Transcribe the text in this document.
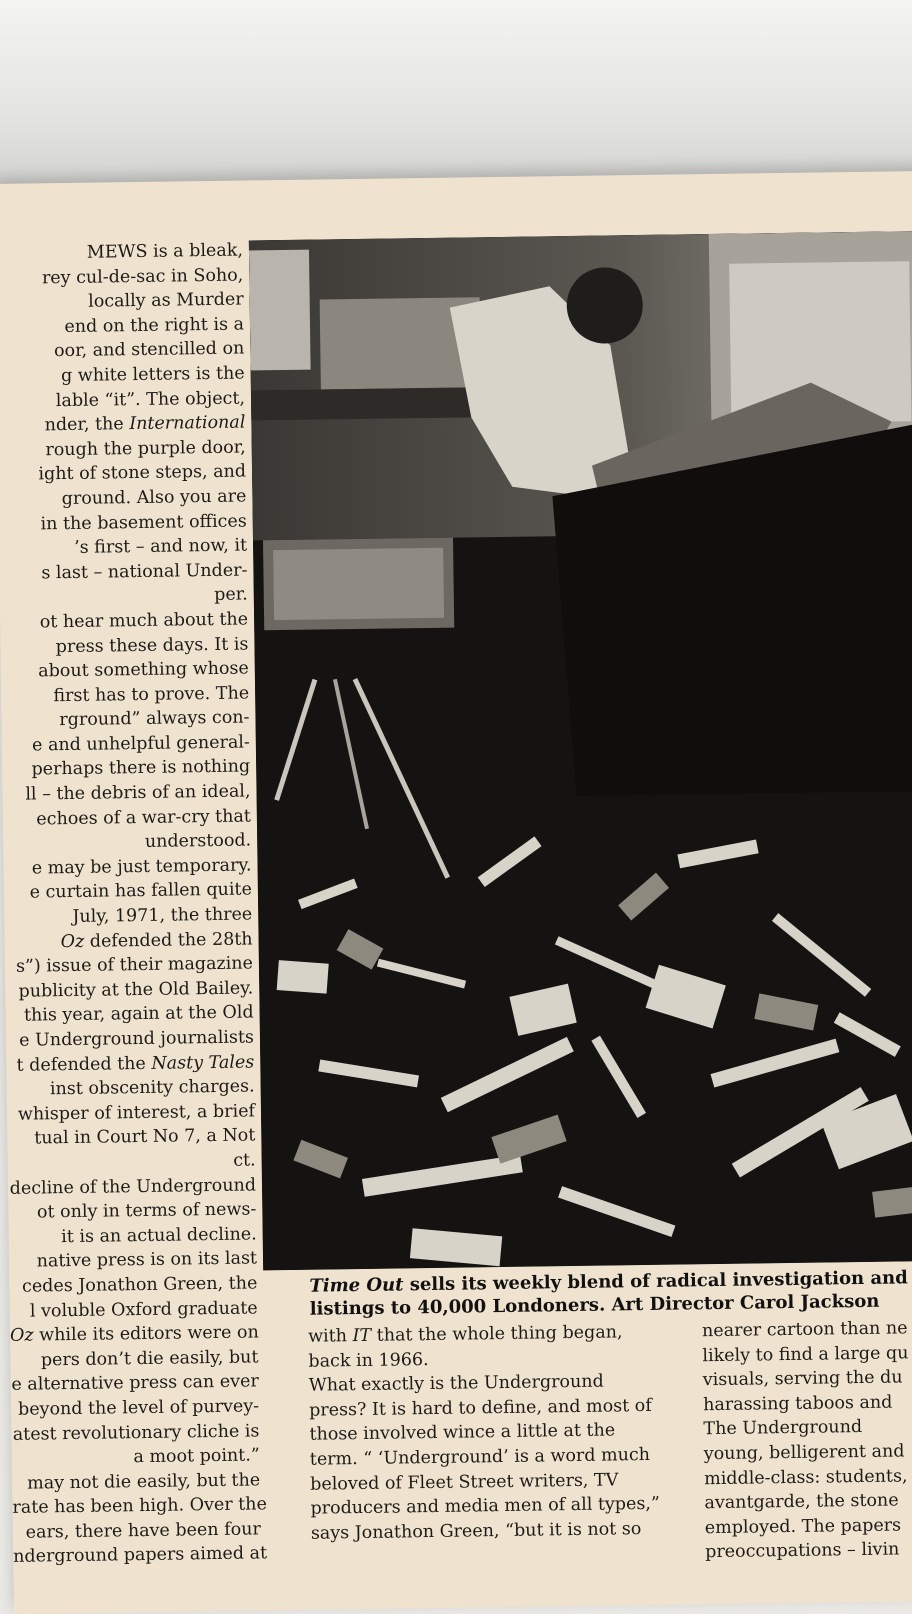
MEWS is a bleak,

rey cul-de-sac in Soho,

locally as Murder

end on the right is a

oor, and stencilled on

g white letters is the

lable “it”. The object,

nder, the International

rough the purple door,

ight of stone steps, and

ground. Also you are

in the basement offices

’s first – and now, it

s last – national Under-

per.

ot hear much about the

press these days. It is

about something whose

first has to prove. The

rground” always con-

e and unhelpful general-

perhaps there is nothing

ll – the debris of an ideal,

echoes of a war-cry that

understood.

e may be just temporary.

e curtain has fallen quite

July, 1971, the three

Oz defended the 28th

s”) issue of their magazine

publicity at the Old Bailey.

this year, again at the Old

e Underground journalists

t defended the Nasty Tales

inst obscenity charges.

whisper of interest, a brief

tual in Court No 7, a Not

ct.

decline of the Underground

ot only in terms of news-

it is an actual decline.

native press is on its last

cedes Jonathon Green, the

l voluble Oxford graduate

Oz while its editors were on

pers don’t die easily, but

e alternative press can ever

beyond the level of purvey-

atest revolutionary cliche is

a moot point.”

may not die easily, but the

rate has been high. Over the

ears, there have been four

nderground papers aimed at

Time Out sells its weekly blend of radical investigation and

listings to 40,000 Londoners. Art Director Carol Jackson

with IT that the whole thing began,

back in 1966.

What exactly is the Underground

press? It is hard to define, and most of

those involved wince a little at the

term. “ ‘Underground’ is a word much

beloved of Fleet Street writers, TV

producers and media men of all types,”

says Jonathon Green, “but it is not so

nearer cartoon than ne

likely to find a large qu

visuals, serving the du

harassing taboos and

The Underground

young, belligerent and

middle-class: students,

avantgarde, the stone

employed. The papers

preoccupations – livin
